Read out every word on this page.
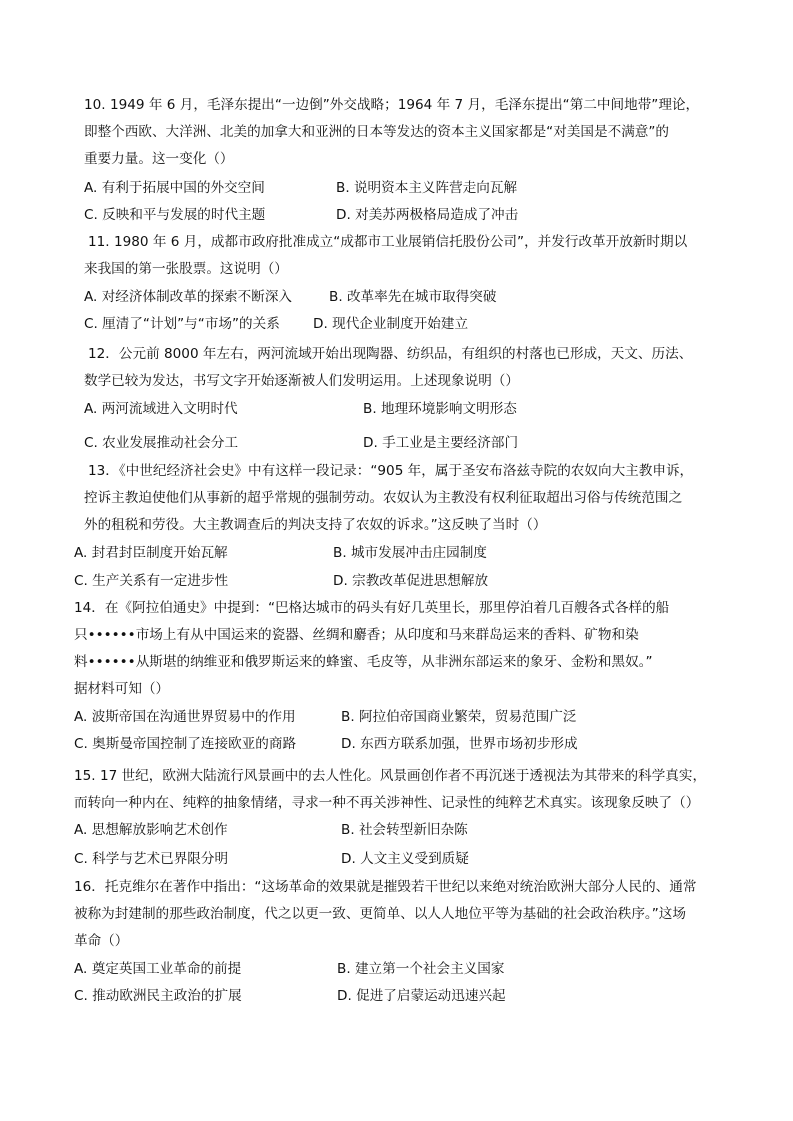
10. 1949 年 6 月，毛泽东提出“一边倒”外交战略；1964 年 7 月，毛泽东提出“第二中间地带”理论，
即整个西欧、大洋洲、北美的加拿大和亚洲的日本等发达的资本主义国家都是“对美国是不满意”的
重要力量。这一变化（）
A. 有利于拓展中国的外交空间	B. 说明资本主义阵营走向瓦解
C. 反映和平与发展的时代主题	D. 对美苏两极格局造成了冲击
11. 1980 年 6 月，成都市政府批准成立“成都市工业展销信托股份公司”，并发行改革开放新时期以
来我国的第一张股票。这说明（）
A. 对经济体制改革的探索不断深入	B. 改革率先在城市取得突破
C. 厘清了“计划”与“市场”的关系 D. 现代企业制度开始建立
12．公元前 8000 年左右，两河流域开始出现陶器、纺织品，有组织的村落也已形成，天文、历法、
数学已较为发达，书写文字开始逐渐被人们发明运用。上述现象说明（）
A. 两河流域进入文明时代	B. 地理环境影响文明形态
C. 农业发展推动社会分工	D. 手工业是主要经济部门
13．《中世纪经济社会史》中有这样一段记录：“905 年，属于圣安布洛兹寺院的农奴向大主教申诉，
控诉主教迫使他们从事新的超乎常规的强制劳动。农奴认为主教没有权利征取超出习俗与传统范围之
外的租税和劳役。大主教调查后的判决支持了农奴的诉求。”这反映了当时（）
A. 封君封臣制度开始瓦解	B. 城市发展冲击庄园制度
C. 生产关系有一定进步性	D. 宗教改革促进思想解放
14．在《阿拉伯通史》中提到：“巴格达城市的码头有好几英里长，那里停泊着几百艘各式各样的船
只••••••市场上有从中国运来的瓷器、丝绸和麝香；从印度和马来群岛运来的香料、矿物和染
料••••••从斯堪的纳维亚和俄罗斯运来的蜂蜜、毛皮等，从非洲东部运来的象牙、金粉和黑奴。”
据材料可知（）
A. 波斯帝国在沟通世界贸易中的作用	B. 阿拉伯帝国商业繁荣，贸易范围广泛
C. 奥斯曼帝国控制了连接欧亚的商路	D. 东西方联系加强，世界市场初步形成
15. 17 世纪，欧洲大陆流行风景画中的去人性化。风景画创作者不再沉迷于透视法为其带来的科学真实，
而转向一种内在、纯粹的抽象情绪，寻求一种不再关涉神性、记录性的纯粹艺术真实。该现象反映了（）
A. 思想解放影响艺术创作	B. 社会转型新旧杂陈
C. 科学与艺术已界限分明	D. 人文主义受到质疑
16．托克维尔在著作中指出：“这场革命的效果就是摧毁若干世纪以来绝对统治欧洲大部分人民的、通常
被称为封建制的那些政治制度，代之以更一致、更简单、以人人地位平等为基础的社会政治秩序。”这场
革命（）
A. 奠定英国工业革命的前提	B. 建立第一个社会主义国家
C. 推动欧洲民主政治的扩展	D. 促进了启蒙运动迅速兴起
